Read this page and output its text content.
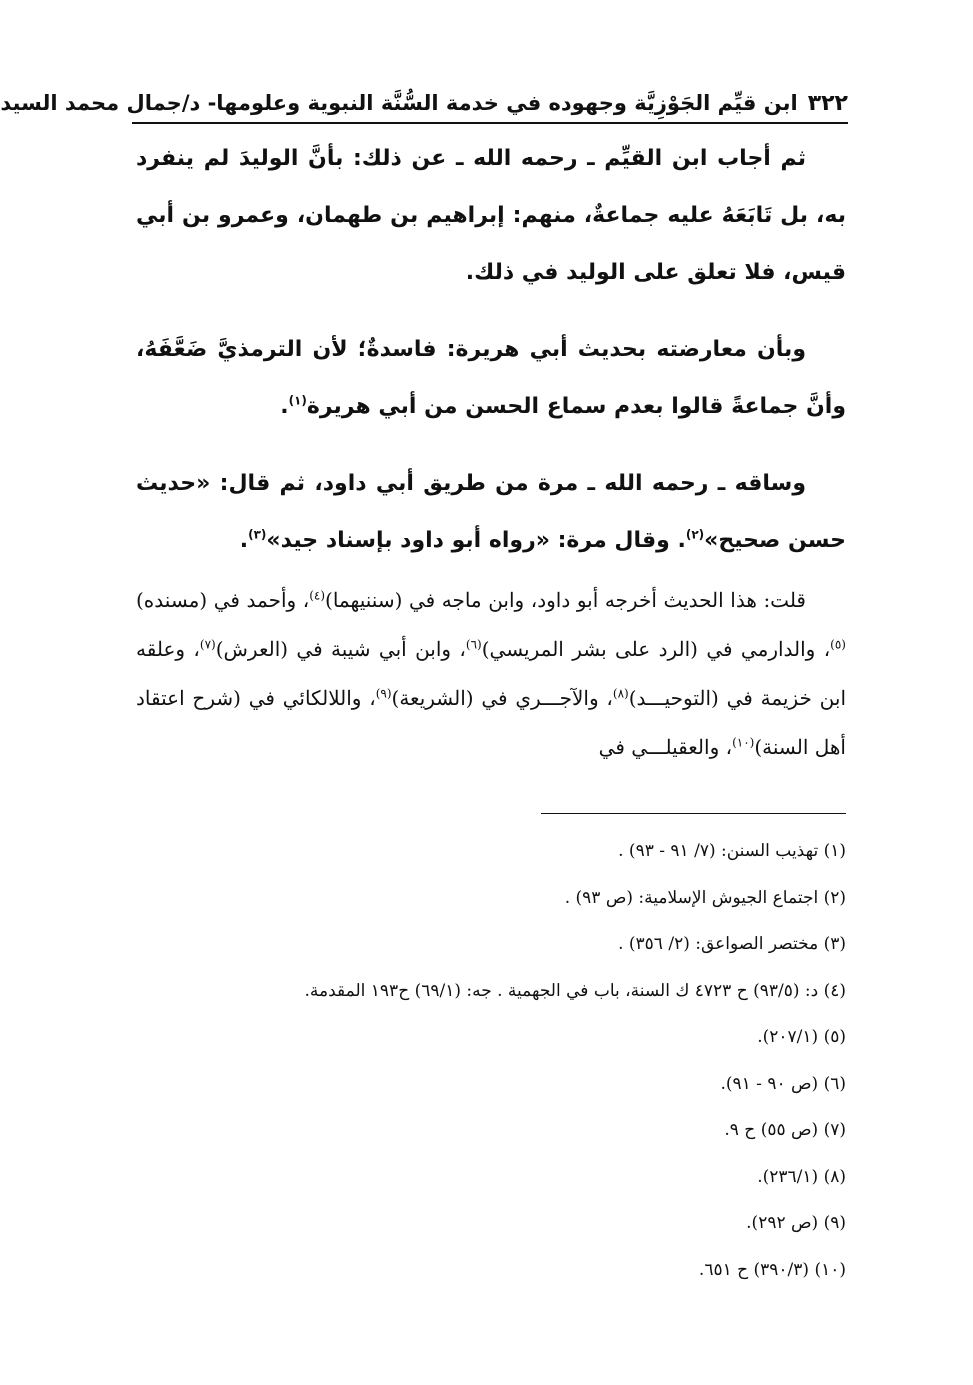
٣٢٢
ابن قيِّم الجَوْزِيَّة وجهوده في خدمة السُّنَّة النبوية وعلومها- د/جمال محمد السيد

ثم أجاب ابن القيِّم ـ رحمه الله ـ عن ذلك: بأنَّ الوليدَ لم ينفرد به، بل تَابَعَهُ عليه جماعةٌ، منهم: إبراهيم بن طهمان، وعمرو بن أبي قيس، فلا تعلق على الوليد في ذلك.

وبأن معارضته بحديث أبي هريرة: فاسدةٌ؛ لأن الترمذيَّ ضَعَّفَهُ، وأنَّ جماعةً قالوا بعدم سماع الحسن من أبي هريرة$^{(١)}$.

وساقه ـ رحمه الله ـ مرة من طريق أبي داود، ثم قال: «حديث حسن صحيح»$^{(٢)}$. وقال مرة: «رواه أبو داود بإسناد جيد»$^{(٣)}$.

قلت: هذا الحديث أخرجه أبو داود، وابن ماجه في (سننيهما)$^{(٤)}$، وأحمد في (مسنده)$^{(٥)}$، والدارمي في (الرد على بشر المريسي)$^{(٦)}$، وابن أبي شيبة في (العرش)$^{(٧)}$، وعلقه ابن خزيمة في (التوحيـــد)$^{(٨)}$، والآجـــري في (الشريعة)$^{(٩)}$، واللالكائي في (شرح اعتقاد أهل السنة)$^{(١٠)}$، والعقيلـــي في

(١) تهذيب السنن: (٧/ ٩١ - ٩٣) .
(٢) اجتماع الجيوش الإسلامية: (ص ٩٣) .
(٣) مختصر الصواعق: (٢/ ٣٥٦) .
(٤) د: (٩٣/٥) ح ٤٧٢٣ ك السنة، باب في الجهمية . جه: (٦٩/١) ح١٩٣ المقدمة.
(٥) (٢٠٧/١).
(٦) (ص ٩٠ - ٩١).
(٧) (ص ٥٥) ح ٩.
(٨) (٢٣٦/١).
(٩) (ص ٢٩٢).
(١٠) (٣٩٠/٣) ح ٦٥١.
